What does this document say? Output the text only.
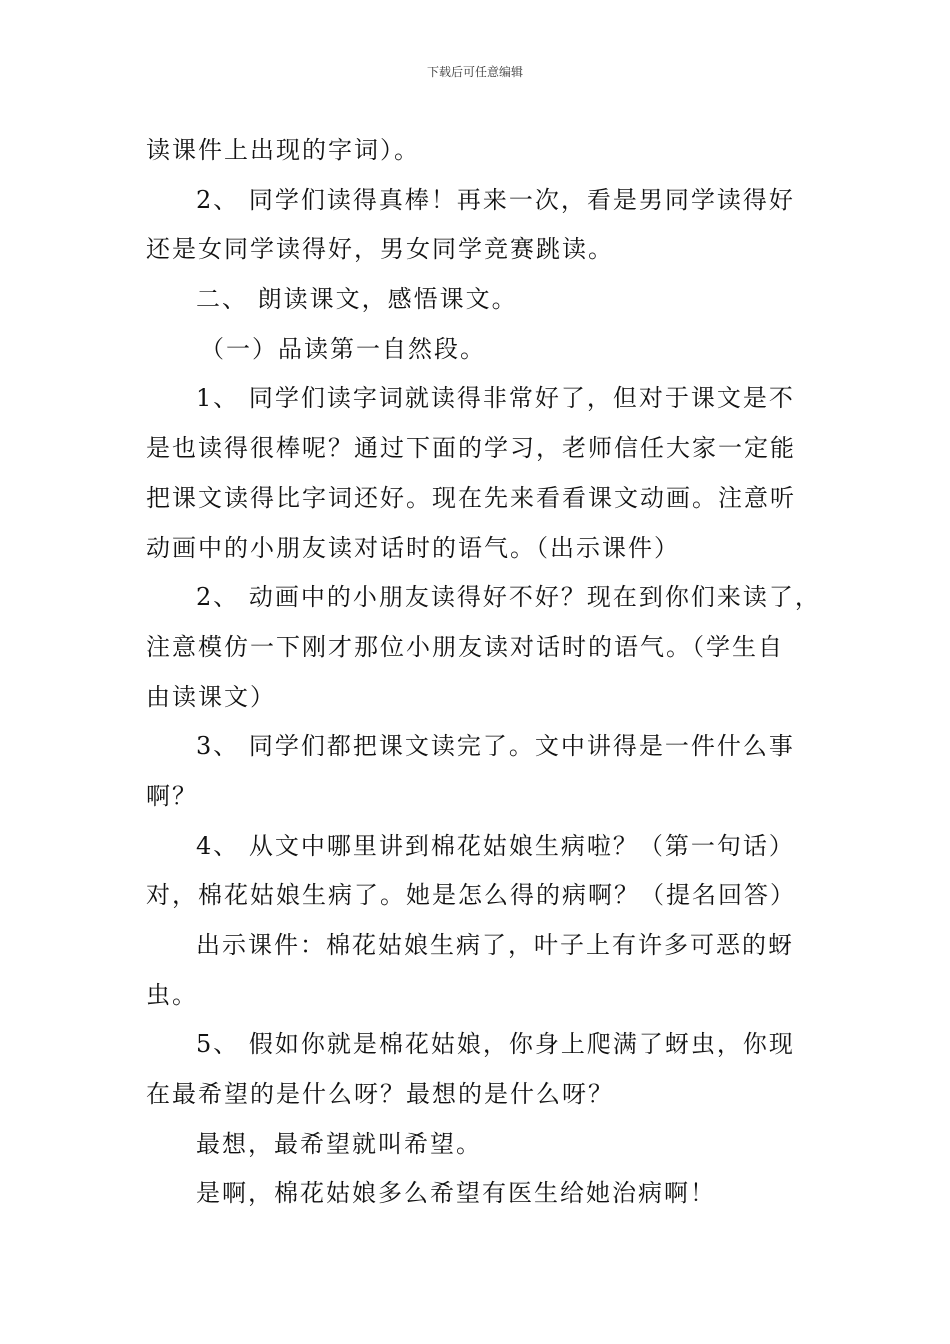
下载后可任意编辑
读课件上出现的字词）。
2、 同学们读得真棒！再来一次，看是男同学读得好
还是女同学读得好，男女同学竞赛跳读。
二、 朗读课文，感悟课文。
（一）品读第一自然段。
1、 同学们读字词就读得非常好了，但对于课文是不
是也读得很棒呢？通过下面的学习，老师信任大家一定能
把课文读得比字词还好。现在先来看看课文动画。注意听
动画中的小朋友读对话时的语气。（出示课件）
2、 动画中的小朋友读得好不好？现在到你们来读了，
注意模仿一下刚才那位小朋友读对话时的语气。（学生自
由读课文）
3、 同学们都把课文读完了。文中讲得是一件什么事
啊？
4、 从文中哪里讲到棉花姑娘生病啦？（第一句话）
对，棉花姑娘生病了。她是怎么得的病啊？（提名回答）
出示课件：棉花姑娘生病了，叶子上有许多可恶的蚜
虫。
5、 假如你就是棉花姑娘，你身上爬满了蚜虫，你现
在最希望的是什么呀？最想的是什么呀？
最想，最希望就叫希望。
是啊，棉花姑娘多么希望有医生给她治病啊！
